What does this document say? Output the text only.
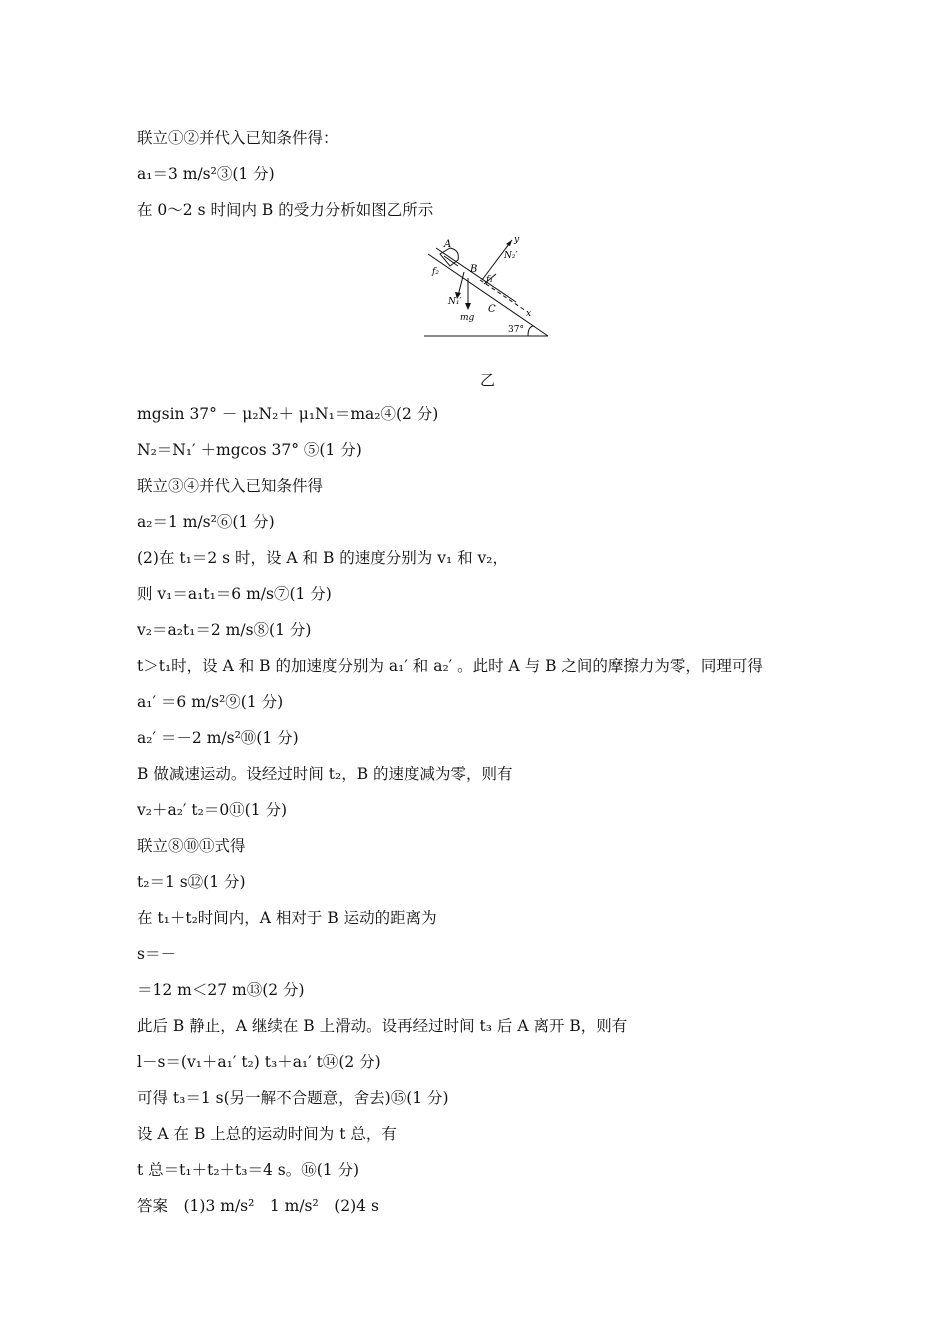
联立①②并代入已知条件得：
a₁＝3 m/s²③(1 分)
在 0～2 s 时间内 B 的受力分析如图乙所示
A	y
N₂′
B
f₂
f₁′
N₁′
C	x
mg
37°
乙
mgsin 37° － μ₂N₂＋ μ₁N₁＝ma₂④(2 分)
N₂＝N₁′ ＋mgcos 37° ⑤(1 分)
联立③④并代入已知条件得
a₂＝1 m/s²⑥(1 分)
(2)在 t₁＝2 s 时，设 A 和 B 的速度分别为 v₁ 和 v₂，
则 v₁＝a₁t₁＝6 m/s⑦(1 分)
v₂＝a₂t₁＝2 m/s⑧(1 分)
t＞t₁时，设 A 和 B 的加速度分别为 a₁′ 和 a₂′ 。此时 A 与 B 之间的摩擦力为零，同理可得
a₁′ ＝6 m/s²⑨(1 分)
a₂′ ＝－2 m/s²⑩(1 分)
B 做减速运动。设经过时间 t₂，B 的速度减为零，则有
v₂＋a₂′ t₂＝0⑪(1 分)
联立⑧⑩⑪式得
t₂＝1 s⑫(1 分)
在 t₁＋t₂时间内，A 相对于 B 运动的距离为
s＝－
＝12 m＜27 m⑬(2 分)
此后 B 静止，A 继续在 B 上滑动。设再经过时间 t₃ 后 A 离开 B，则有
l－s＝(v₁＋a₁′ t₂) t₃＋a₁′ t⑭(2 分)
可得 t₃＝1 s(另一解不合题意，舍去)⑮(1 分)
设 A 在 B 上总的运动时间为 t 总，有
t 总＝t₁＋t₂＋t₃＝4 s。⑯(1 分)
答案　(1)3 m/s²　1 m/s²　(2)4 s
